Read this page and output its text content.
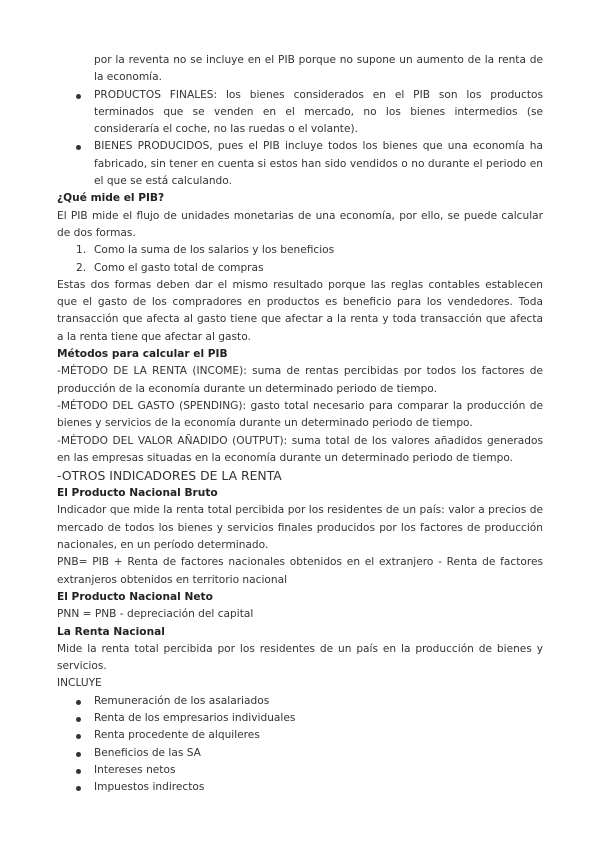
por la reventa no se incluye en el PIB porque no supone un aumento de la renta de la economía.

PRODUCTOS FINALES: los bienes considerados en el PIB son los productos terminados que se venden en el mercado, no los bienes intermedios (se consideraría el coche, no las ruedas o el volante).
BIENES PRODUCIDOS, pues el PIB incluye todos los bienes que una economía ha fabricado, sin tener en cuenta si estos han sido vendidos o no durante el periodo en el que se está calculando.

¿Qué mide el PIB?

El PIB mide el flujo de unidades monetarias de una economía, por ello, se puede calcular de dos formas.

1. Como la suma de los salarios y los beneficios
2. Como el gasto total de compras

Estas dos formas deben dar el mismo resultado porque las reglas contables establecen que el gasto de los compradores en productos es beneficio para los vendedores. Toda transacción que afecta al gasto tiene que afectar a la renta y toda transacción que afecta a la renta tiene que afectar al gasto.

Métodos para calcular el PIB

-MÉTODO DE LA RENTA (INCOME): suma de rentas percibidas por todos los factores de producción de la economía durante un determinado periodo de tiempo.

-MÉTODO DEL GASTO (SPENDING): gasto total necesario para comparar la producción de bienes y servicios de la economía durante un determinado periodo de tiempo.

-MÉTODO DEL VALOR AÑADIDO (OUTPUT): suma total de los valores añadidos generados en las empresas situadas en la economía durante un determinado periodo de tiempo.

-OTROS INDICADORES DE LA RENTA

El Producto Nacional Bruto

Indicador que mide la renta total percibida por los residentes de un país: valor a precios de mercado de todos los bienes y servicios finales producidos por los factores de producción nacionales, en un período determinado.

PNB= PIB + Renta de factores nacionales obtenidos en el extranjero - Renta de factores extranjeros obtenidos en territorio nacional

El Producto Nacional Neto

PNN = PNB - depreciación del capital

La Renta Nacional

Mide la renta total percibida por los residentes de un país en la producción de bienes y servicios.

INCLUYE

Remuneración de los asalariados
Renta de los empresarios individuales
Renta procedente de alquileres
Beneficios de las SA
Intereses netos
Impuestos indirectos
